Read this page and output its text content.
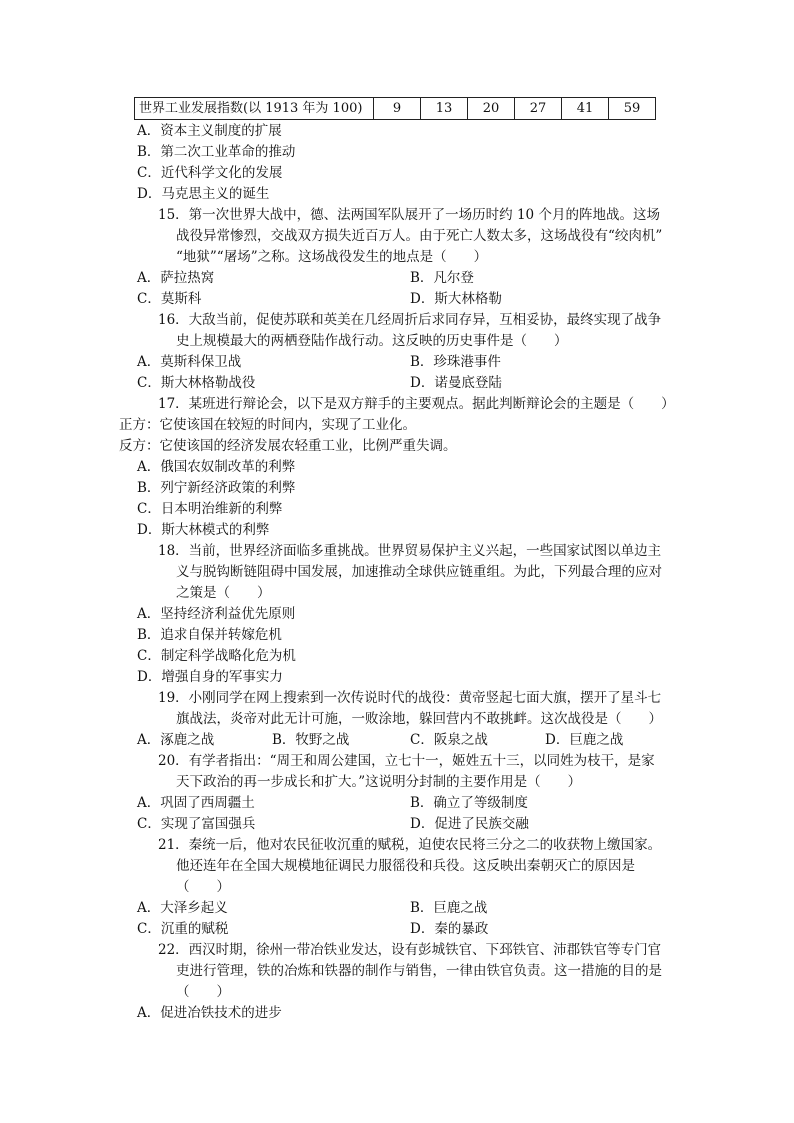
世界工业发展指数(以 1913 年为 100)	9	13	20	27	41	59
A．资本主义制度的扩展
B．第二次工业革命的推动
C．近代科学文化的发展
D．马克思主义的诞生
15．第一次世界大战中，德、法两国军队展开了一场历时约 10 个月的阵地战。这场
战役异常惨烈，交战双方损失近百万人。由于死亡人数太多，这场战役有“绞肉机”
“地狱”“屠场”之称。这场战役发生的地点是（　　）
A．萨拉热窝	B．凡尔登
C．莫斯科	D．斯大林格勒
16．大敌当前，促使苏联和英美在几经周折后求同存异，互相妥协，最终实现了战争
史上规模最大的两栖登陆作战行动。这反映的历史事件是（　　）
A．莫斯科保卫战	B．珍珠港事件
C．斯大林格勒战役	D．诺曼底登陆
17．某班进行辩论会，以下是双方辩手的主要观点。据此判断辩论会的主题是（　　）
正方：它使该国在较短的时间内，实现了工业化。
反方：它使该国的经济发展农轻重工业，比例严重失调。
A．俄国农奴制改革的利弊
B．列宁新经济政策的利弊
C．日本明治维新的利弊
D．斯大林模式的利弊
18．当前，世界经济面临多重挑战。世界贸易保护主义兴起，一些国家试图以单边主
义与脱钩断链阻碍中国发展，加速推动全球供应链重组。为此，下列最合理的应对
之策是（　　）
A．坚持经济利益优先原则
B．追求自保并转嫁危机
C．制定科学战略化危为机
D．增强自身的军事实力
19．小刚同学在网上搜索到一次传说时代的战役：黄帝竖起七面大旗，摆开了星斗七
旗战法，炎帝对此无计可施，一败涂地，躲回营内不敢挑衅。这次战役是（　　）
A．涿鹿之战	B．牧野之战	C．阪泉之战	D．巨鹿之战
20．有学者指出：“周王和周公建国，立七十一，姬姓五十三，以同姓为枝干，是家
天下政治的再一步成长和扩大。”这说明分封制的主要作用是（　　）
A．巩固了西周疆土	B．确立了等级制度
C．实现了富国强兵	D．促进了民族交融
21．秦统一后，他对农民征收沉重的赋税，迫使农民将三分之二的收获物上缴国家。
他还连年在全国大规模地征调民力服徭役和兵役。这反映出秦朝灭亡的原因是
（　　）
A．大泽乡起义	B．巨鹿之战
C．沉重的赋税	D．秦的暴政
22．西汉时期，徐州一带冶铁业发达，设有彭城铁官、下邳铁官、沛郡铁官等专门官
吏进行管理，铁的冶炼和铁器的制作与销售，一律由铁官负责。这一措施的目的是
（　　）
A．促进冶铁技术的进步
